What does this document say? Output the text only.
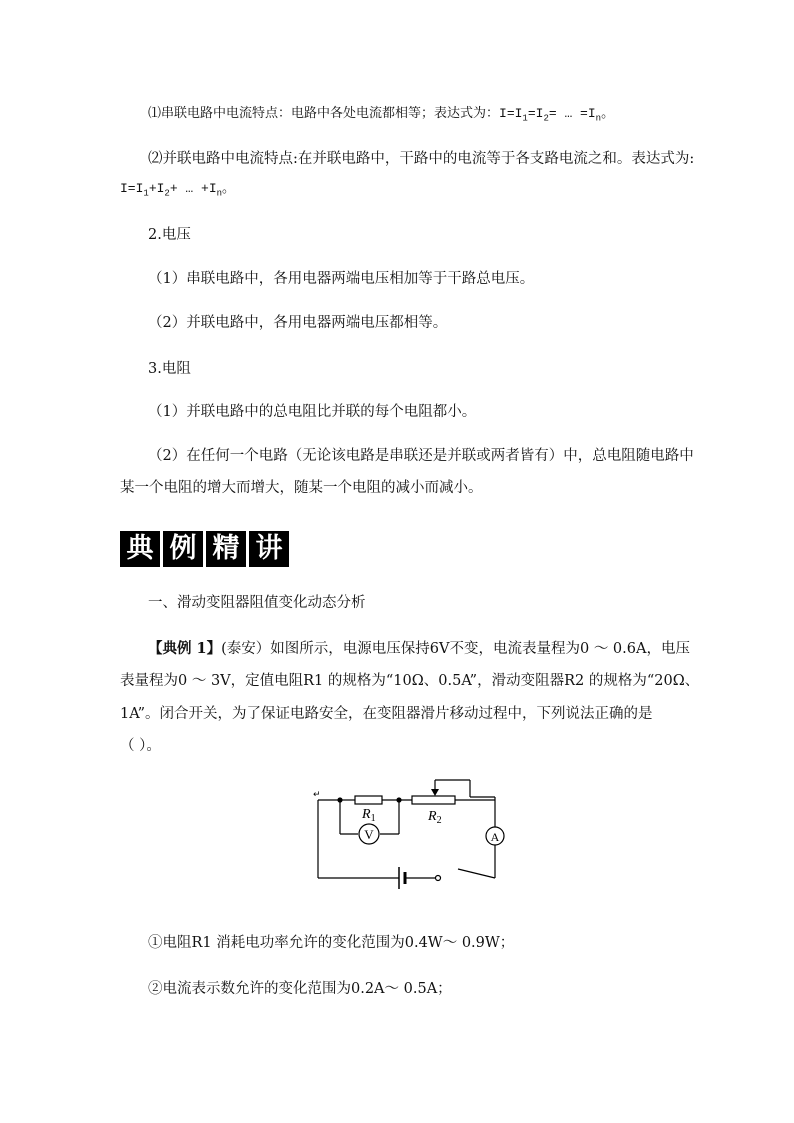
⑴串联电路中电流特点：电路中各处电流都相等；表达式为：$I=I_1=I_2=$ … $=I_n$。
⑵并联电路中电流特点:在并联电路中，干路中的电流等于各支路电流之和。表达式为:
$I=I_1+I_2+$ … $+I_n$。
2.电压
（1）串联电路中，各用电器两端电压相加等于干路总电压。
（2）并联电路中，各用电器两端电压都相等。
3.电阻
（1）并联电路中的总电阻比并联的每个电阻都小。
（2）在任何一个电路（无论该电路是串联还是并联或两者皆有）中，总电阻随电路中
某一个电阻的增大而增大，随某一个电阻的减小而减小。
典 例 精 讲
一、滑动变阻器阻值变化动态分析
【典例 1】(泰安）如图所示，电源电压保持6V不变，电流表量程为0 ～ 0.6A，电压
表量程为0 ～ 3V，定值电阻R1 的规格为“10Ω、0.5A”，滑动变阻器R2 的规格为“20Ω、
1A”。闭合开关，为了保证电路安全，在变阻器滑片移动过程中，下列说法正确的是
（ ）。
V	A
$R_1$	$R_2$
↵
①电阻R1 消耗电功率允许的变化范围为0.4W～ 0.9W；
②电流表示数允许的变化范围为0.2A～ 0.5A；
